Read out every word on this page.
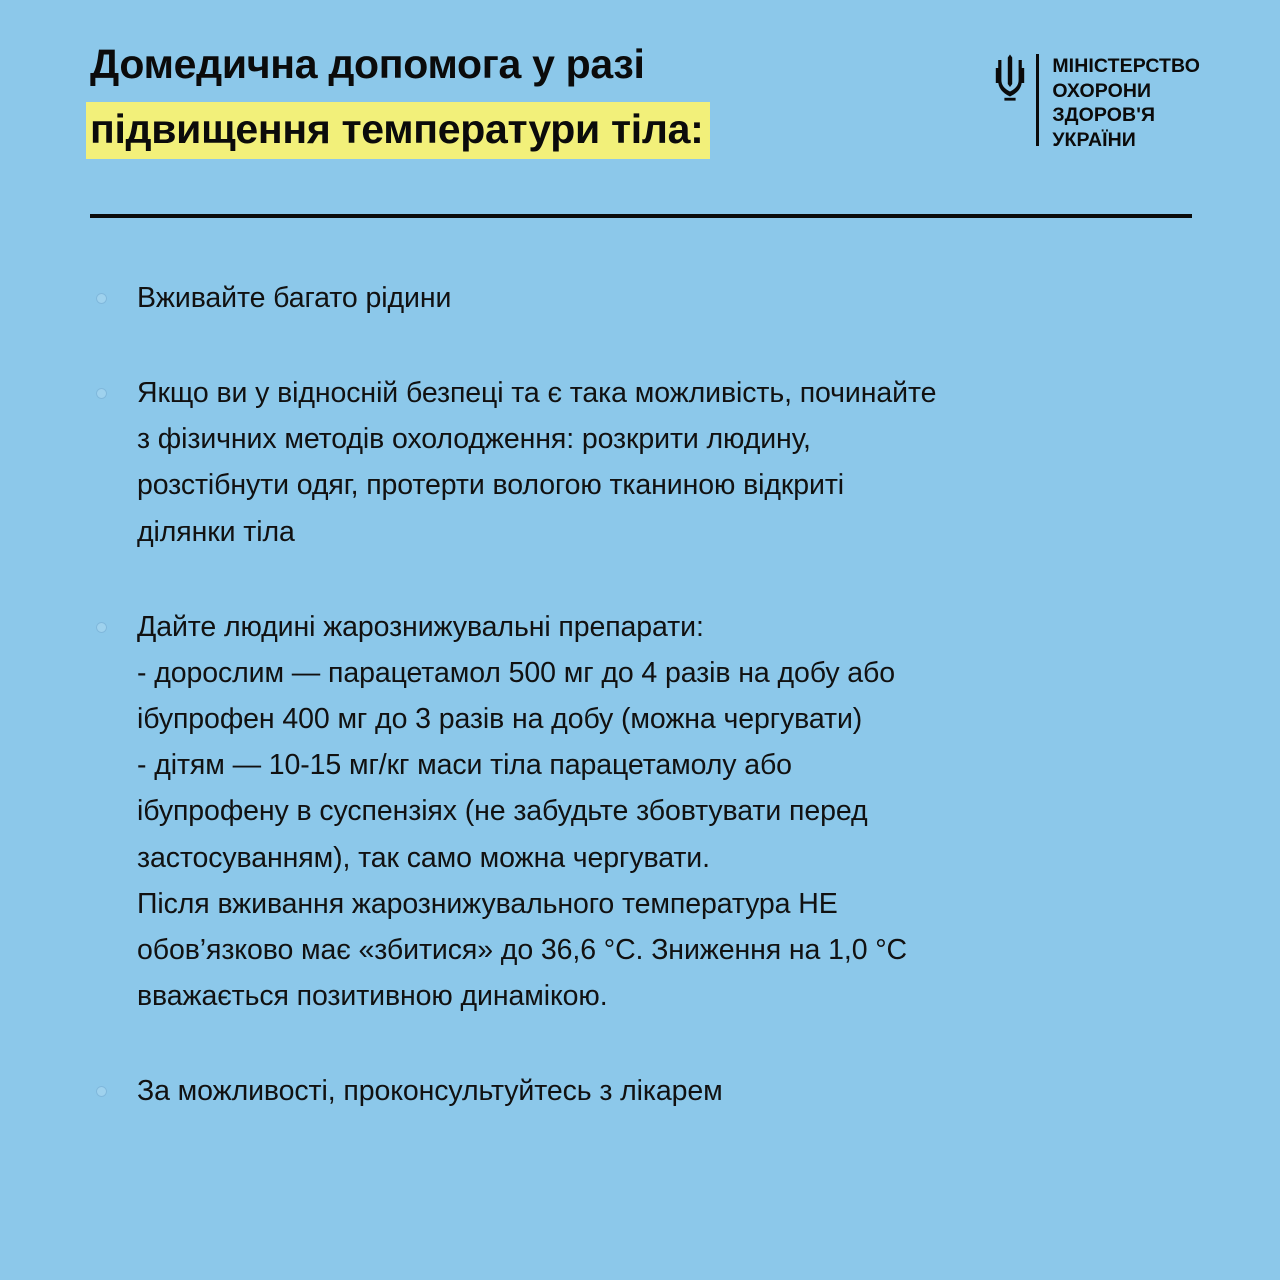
Домедична допомога у разі
підвищення температури тіла:
МІНІСТЕРСТВО
ОХОРОНИ
ЗДОРОВ'Я
УКРАЇНИ
Вживайте багато рідини
Якщо ви у відносній безпеці та є така можливість, починайте
з фізичних методів охолодження: розкрити людину,
розстібнути одяг, протерти вологою тканиною відкриті
ділянки тіла
Дайте людині жарознижувальні препарати:
- дорослим — парацетамол 500 мг до 4 разів на добу або
ібупрофен 400 мг до 3 разів на добу (можна чергувати)
- дітям — 10-15 мг/кг маси тіла парацетамолу або
ібупрофену в суспензіях (не забудьте збовтувати перед
застосуванням), так само можна чергувати.
Після вживання жарознижувального температура НЕ
обов’язково має «збитися» до 36,6 °С. Зниження на 1,0 °С
вважається позитивною динамікою.
За можливості, проконсультуйтесь з лікарем
